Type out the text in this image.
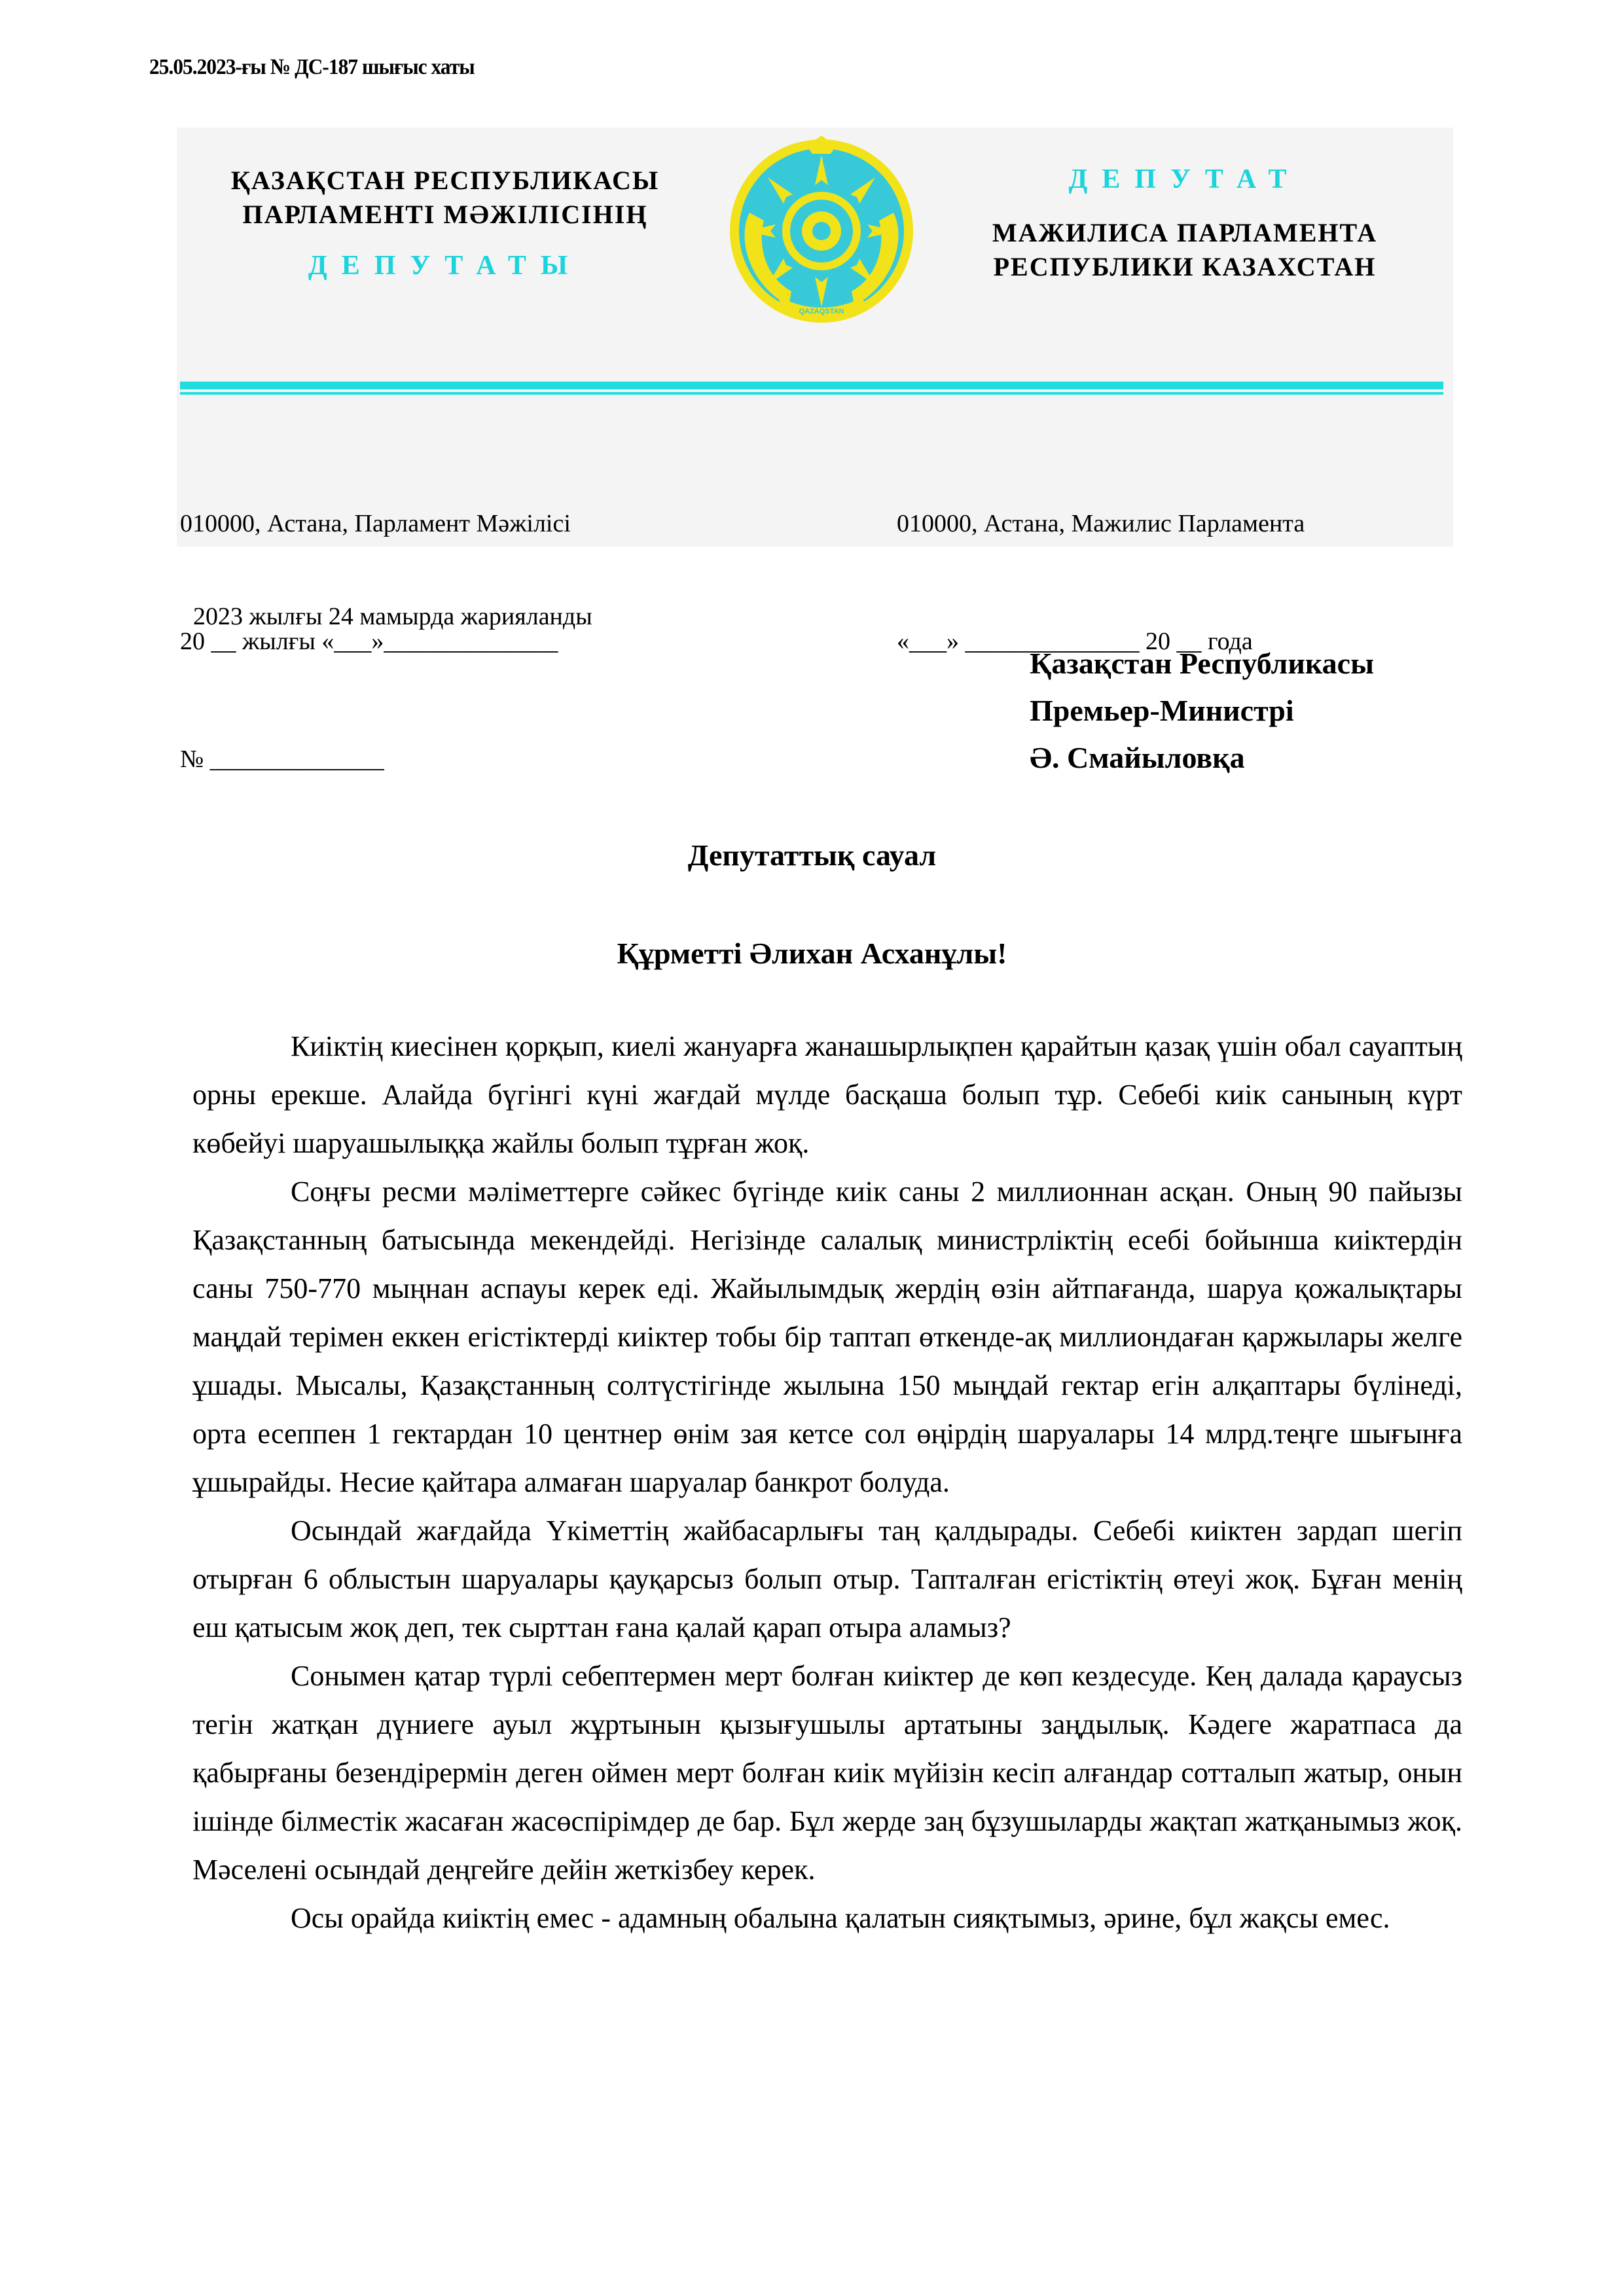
25.05.2023-ғы № ДС-187 шығыс хаты
ҚАЗАҚСТАН РЕСПУБЛИКАСЫ
ПАРЛАМЕНТІ МӘЖІЛІСІНІҢ
ДЕПУТАТЫ
ДЕПУТАТ
МАЖИЛИСА ПАРЛАМЕНТА
РЕСПУБЛИКИ КАЗАХСТАН
QAZAQSTAN

010000, Астана, Парламент Мәжілісі

20 __ жылғы «___»______________

№ ______________

010000, Астана, Мажилис Парламента

«___» ______________ 20 __ года

2023 жылғы 24 мамырда жарияланды
Қазақстан Республикасы
Премьер-Министрі
Ә. Смайыловқа
Депутаттық сауал
Құрметті Әлихан Асханұлы!

Киіктің киесінен қорқып, киелі жануарға жанашырлықпен қарайтын қазақ үшін обал сауаптың орны ерекше. Алайда бүгінгі күні жағдай мүлде басқаша болып тұр. Себебі киік санының күрт көбейуі шаруашылыққа жайлы болып тұрған жоқ.

Соңғы ресми мәліметтерге сәйкес бүгінде киік саны 2 миллионнан асқан. Оның 90 пайызы Қазақстанның батысында мекендейді. Негізінде салалық министрліктің есебі бойынша киіктердін саны 750-770 мыңнан аспауы керек еді. Жайылымдық жердің өзін айтпағанда, шаруа қожалықтары маңдай терімен еккен егістіктерді киіктер тобы бір таптап өткенде-ақ миллиондаған қаржылары желге ұшады. Мысалы, Қазақстанның солтүстігінде жылына 150 мыңдай гектар егін алқаптары бүлінеді, орта есеппен 1 гектардан 10 центнер өнім зая кетсе сол өңірдің шаруалары 14 млрд.теңге шығынға ұшырайды. Несие қайтара алмаған шаруалар банкрот болуда.

Осындай жағдайда Үкіметтің жайбасарлығы таң қалдырады. Себебі киіктен зардап шегіп отырған 6 облыстын шаруалары қауқарсыз болып отыр. Тапталған егістіктің өтеуі жоқ. Бұған менің еш қатысым жоқ деп, тек сырттан ғана қалай қарап отыра аламыз?

Сонымен қатар түрлі себептермен мерт болған киіктер де көп кездесуде. Кең далада қараусыз тегін жатқан дүниеге ауыл жұртынын қызығушылы артатыны заңдылық. Кәдеге жаратпаса да қабырғаны безендірермін деген оймен мерт болған киік мүйізін кесіп алғандар сотталып жатыр, онын ішінде білместік жасаған жасөспірімдер де бар. Бұл жерде заң бұзушыларды жақтап жатқанымыз жоқ. Мәселені осындай деңгейге дейін жеткізбеу керек.

Осы орайда киіктің емес - адамның обалына қалатын сияқтымыз, әрине, бұл жақсы емес.
